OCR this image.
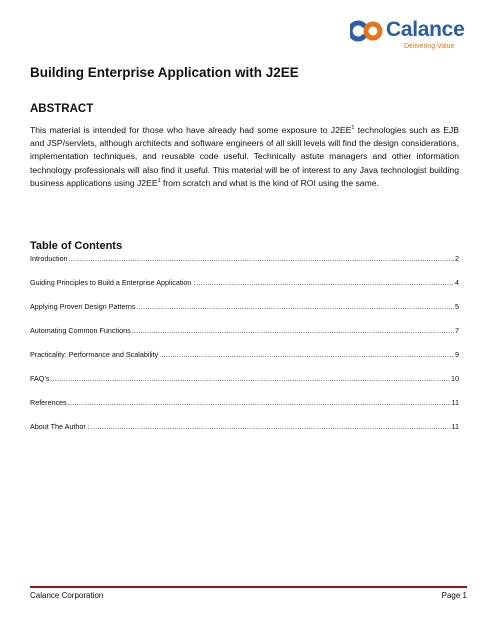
Calance
Delivering Value
Building Enterprise Application with J2EE
ABSTRACT

This material is intended for those who have already had some exposure to $J2EE^1$ technologies such as EJB and JSP/servlets, although architects and software engineers of all skill levels will find the design considerations, implementation techniques, and reusable code useful. Technically astute managers and other information technology professionals will also find it useful. This material will be of interest to any Java technologist building business applications using $J2EE^1$ from scratch and what is the kind of ROI using the same.

Table of Contents
Introduction .....	2
Guiding Principles to Build a Enterprise Application : .....	4
Applying Proven Design Patterns .....	5
Automating Common Functions .....	7
Practicality: Performance and Scalability .....	9
FAQ’s .....	10
References .....	11
About The Author : .....	11
Calance Corporation	Page 1
